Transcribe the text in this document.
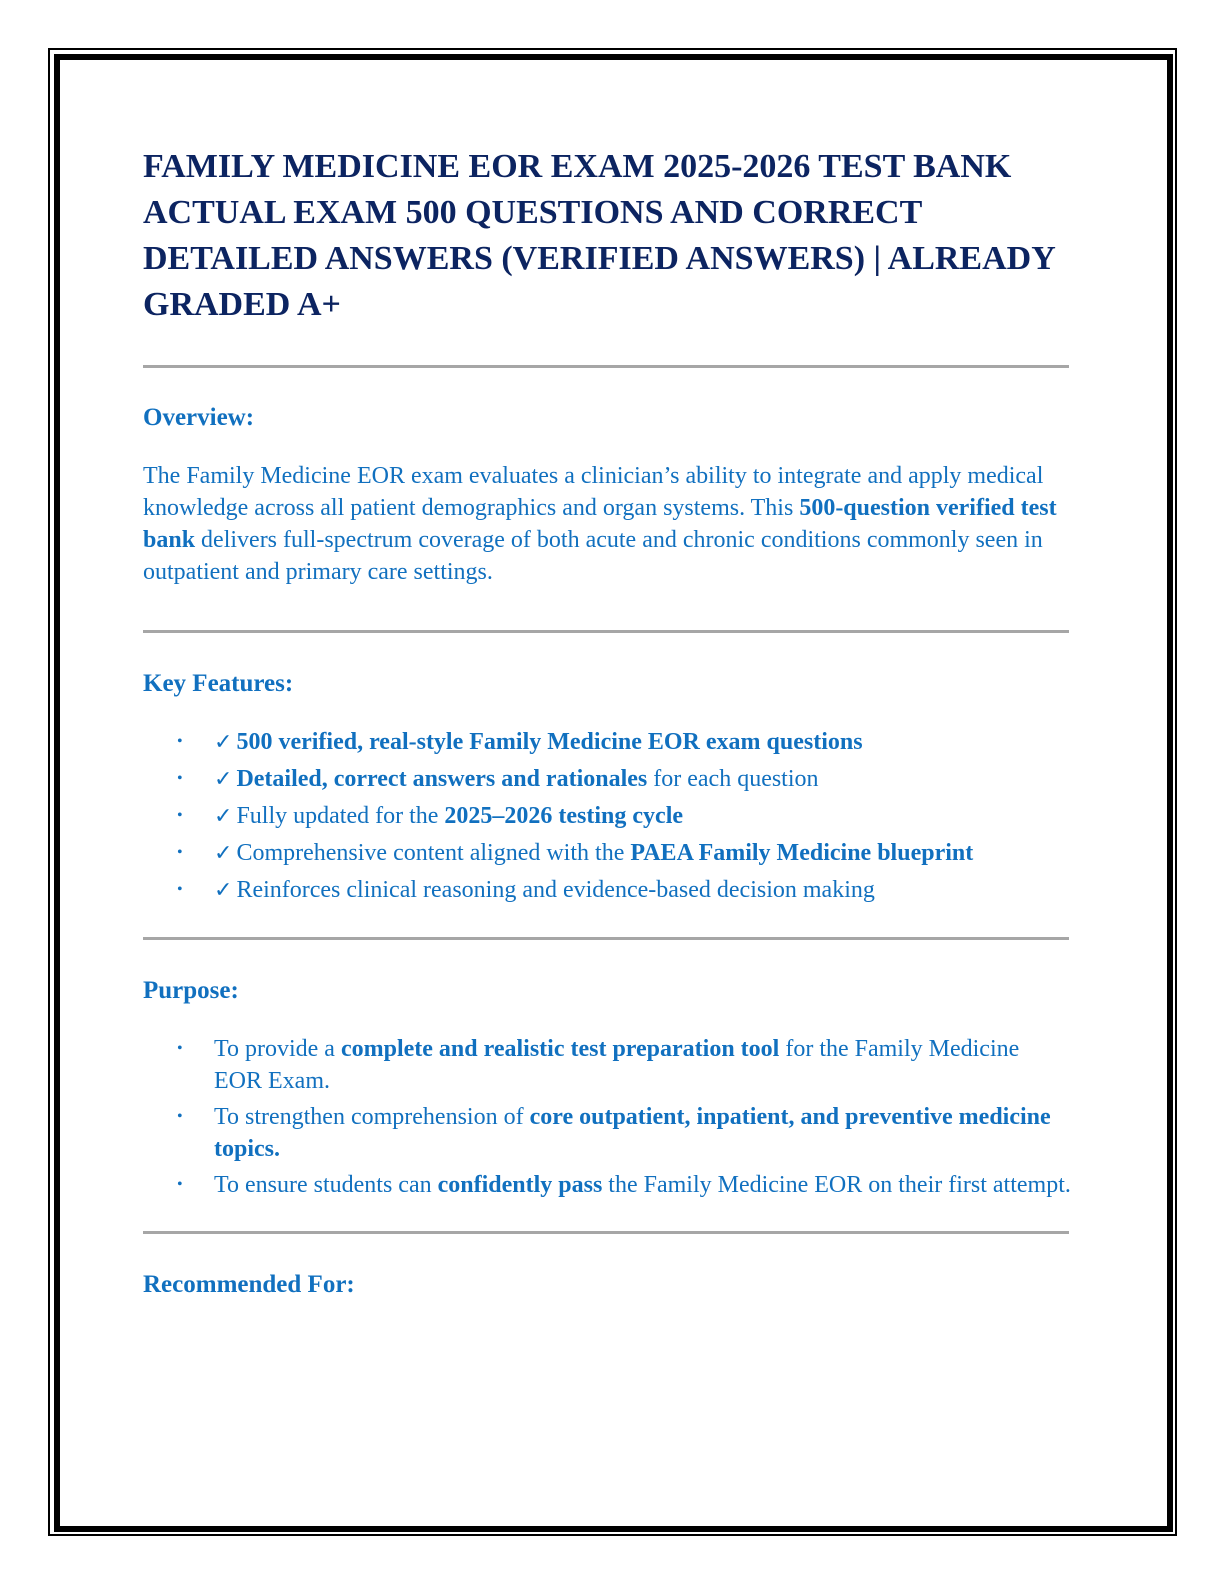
FAMILY MEDICINE EOR EXAM 2025-2026 TEST BANK ACTUAL EXAM 500 QUESTIONS AND CORRECT DETAILED ANSWERS (VERIFIED ANSWERS) | ALREADY GRADED A+
Overview:

The Family Medicine EOR exam evaluates a clinician’s ability to integrate and apply medical knowledge across all patient demographics and organ systems. This 500-question verified test bank delivers full-spectrum coverage of both acute and chronic conditions commonly seen in outpatient and primary care settings.

Key Features:
• ✓ 500 verified, real-style Family Medicine EOR exam questions
• ✓ Detailed, correct answers and rationales for each question
• ✓ Fully updated for the 2025–2026 testing cycle
• ✓ Comprehensive content aligned with the PAEA Family Medicine blueprint
• ✓ Reinforces clinical reasoning and evidence-based decision making
Purpose:
• To provide a complete and realistic test preparation tool for the Family Medicine EOR Exam.
• To strengthen comprehension of core outpatient, inpatient, and preventive medicine topics.
• To ensure students can confidently pass the Family Medicine EOR on their first attempt.
Recommended For:
